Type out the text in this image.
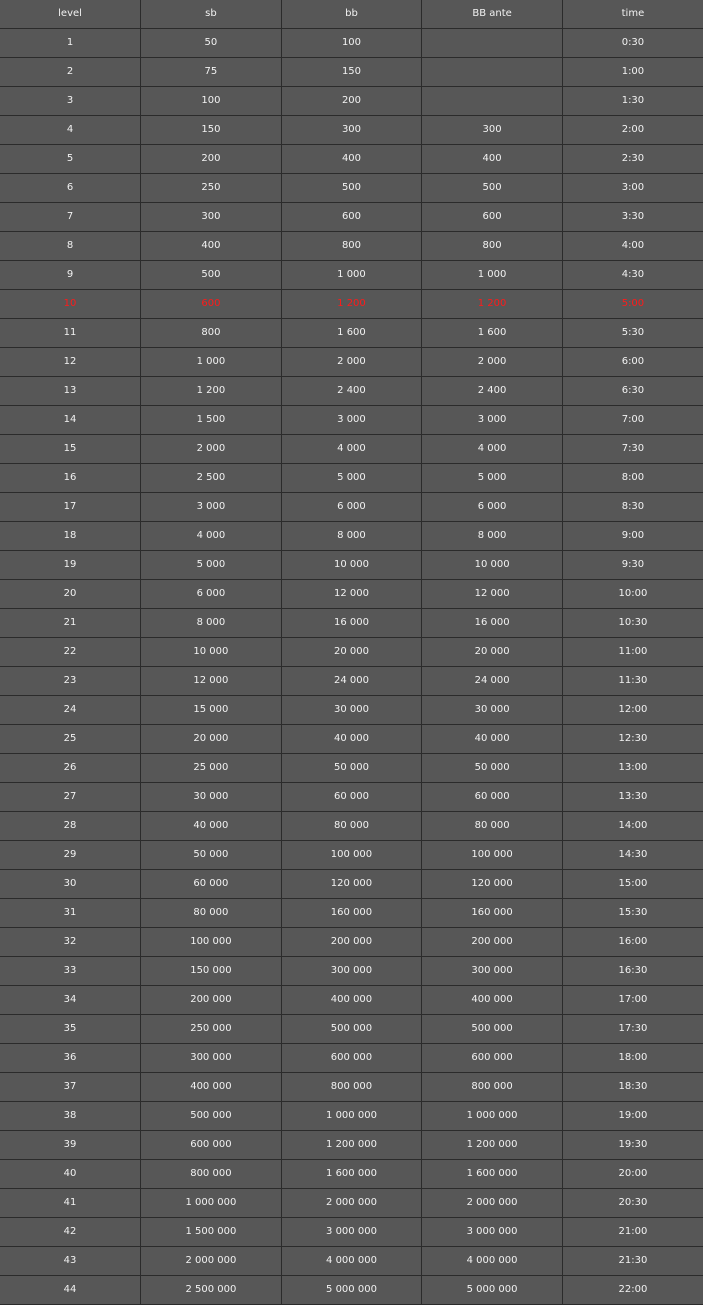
level	sb	bb	BB ante	time
1	50	100		0:30
2	75	150		1:00
3	100	200		1:30
4	150	300	300	2:00
5	200	400	400	2:30
6	250	500	500	3:00
7	300	600	600	3:30
8	400	800	800	4:00
9	500	1 000	1 000	4:30
10	600	1 200	1 200	5:00
11	800	1 600	1 600	5:30
12	1 000	2 000	2 000	6:00
13	1 200	2 400	2 400	6:30
14	1 500	3 000	3 000	7:00
15	2 000	4 000	4 000	7:30
16	2 500	5 000	5 000	8:00
17	3 000	6 000	6 000	8:30
18	4 000	8 000	8 000	9:00
19	5 000	10 000	10 000	9:30
20	6 000	12 000	12 000	10:00
21	8 000	16 000	16 000	10:30
22	10 000	20 000	20 000	11:00
23	12 000	24 000	24 000	11:30
24	15 000	30 000	30 000	12:00
25	20 000	40 000	40 000	12:30
26	25 000	50 000	50 000	13:00
27	30 000	60 000	60 000	13:30
28	40 000	80 000	80 000	14:00
29	50 000	100 000	100 000	14:30
30	60 000	120 000	120 000	15:00
31	80 000	160 000	160 000	15:30
32	100 000	200 000	200 000	16:00
33	150 000	300 000	300 000	16:30
34	200 000	400 000	400 000	17:00
35	250 000	500 000	500 000	17:30
36	300 000	600 000	600 000	18:00
37	400 000	800 000	800 000	18:30
38	500 000	1 000 000	1 000 000	19:00
39	600 000	1 200 000	1 200 000	19:30
40	800 000	1 600 000	1 600 000	20:00
41	1 000 000	2 000 000	2 000 000	20:30
42	1 500 000	3 000 000	3 000 000	21:00
43	2 000 000	4 000 000	4 000 000	21:30
44	2 500 000	5 000 000	5 000 000	22:00
